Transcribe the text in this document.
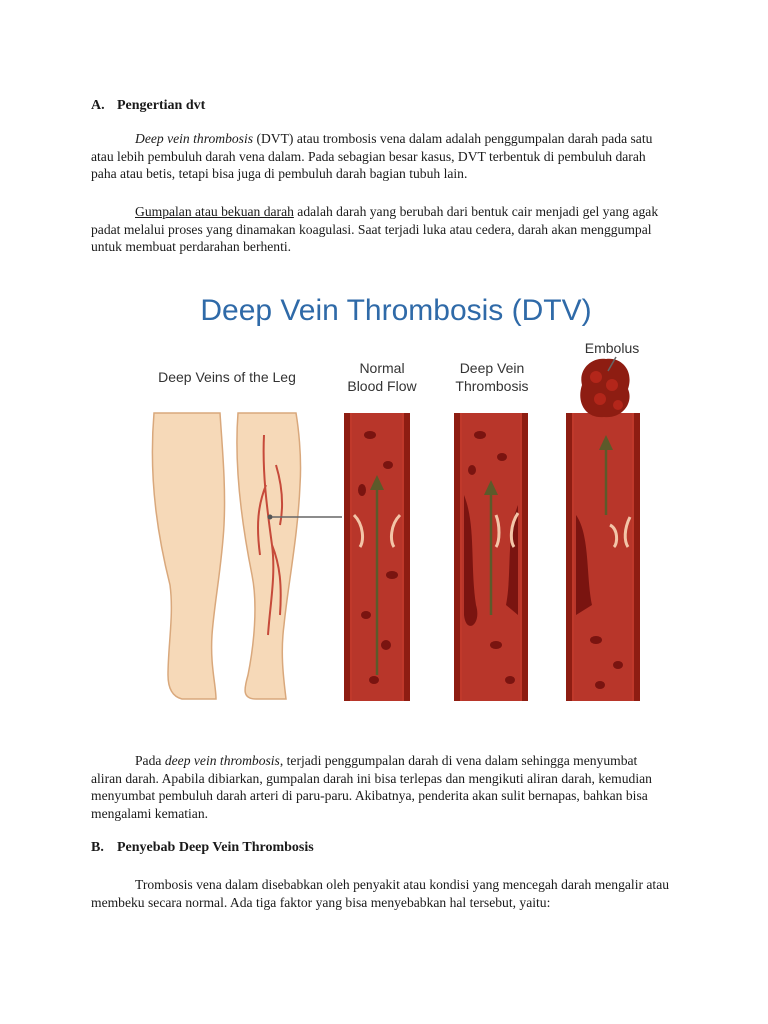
A. Pengertian dvt

Deep vein thrombosis (DVT) atau trombosis vena dalam adalah penggumpalan darah pada satu atau lebih pembuluh darah vena dalam. Pada sebagian besar kasus, DVT terbentuk di pembuluh darah paha atau betis, tetapi bisa juga di pembuluh darah bagian tubuh lain.

Gumpalan atau bekuan darah adalah darah yang berubah dari bentuk cair menjadi gel yang agak padat melalui proses yang dinamakan koagulasi. Saat terjadi luka atau cedera, darah akan menggumpal untuk membuat perdarahan berhenti.

Deep Vein Thrombosis (DTV)
Deep Veins of the Leg
Normal
Blood Flow
Deep Vein
Thrombosis
Embolus

Pada deep vein thrombosis, terjadi penggumpalan darah di vena dalam sehingga menyumbat aliran darah. Apabila dibiarkan, gumpalan darah ini bisa terlepas dan mengikuti aliran darah, kemudian menyumbat pembuluh darah arteri di paru-paru. Akibatnya, penderita akan sulit bernapas, bahkan bisa mengalami kematian.

B. Penyebab Deep Vein Thrombosis

Trombosis vena dalam disebabkan oleh penyakit atau kondisi yang mencegah darah mengalir atau membeku secara normal. Ada tiga faktor yang bisa menyebabkan hal tersebut, yaitu:
